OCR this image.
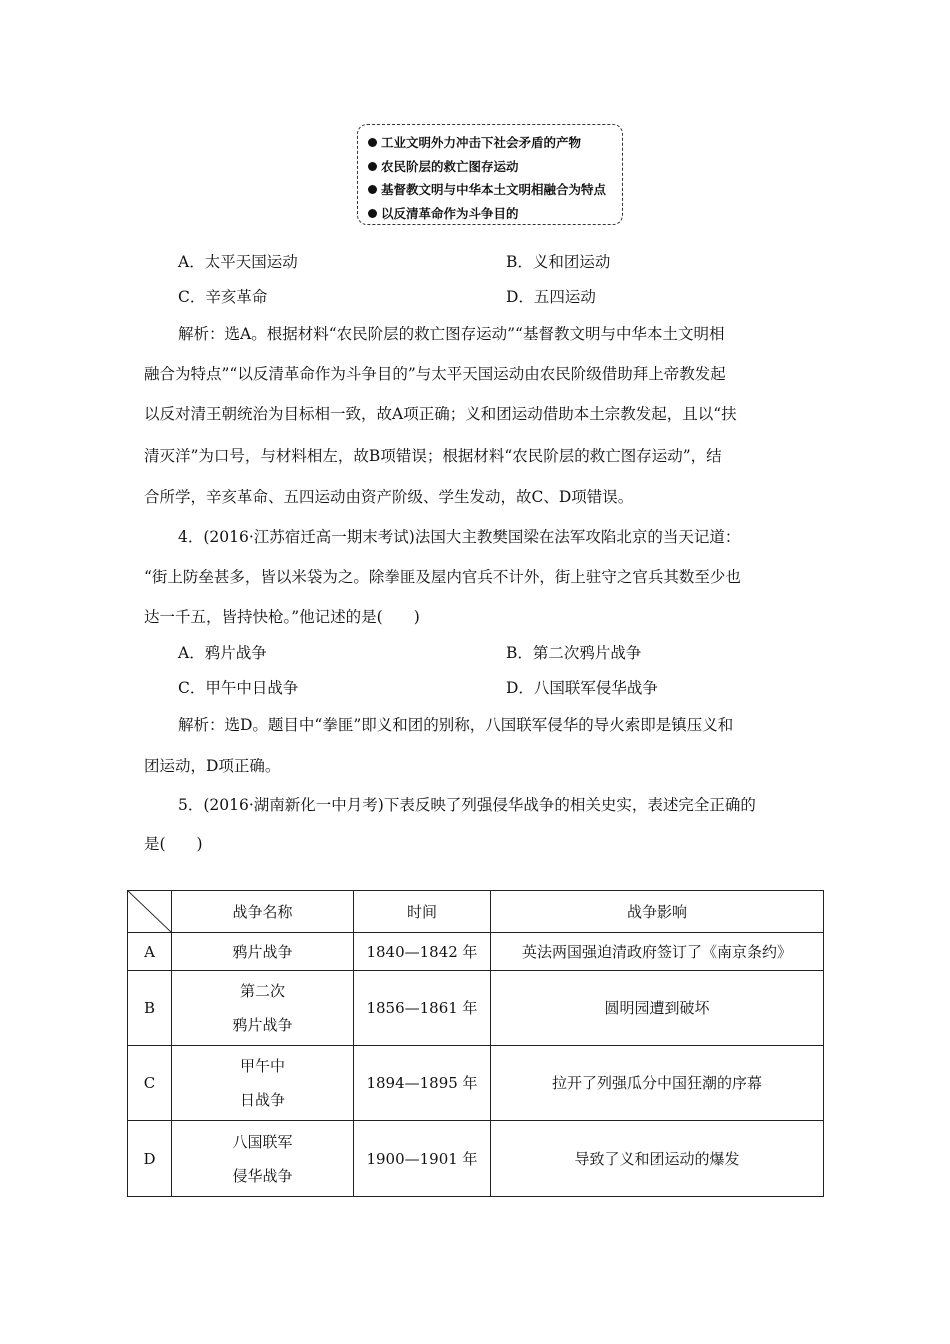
工业文明外力冲击下社会矛盾的产物
农民阶层的救亡图存运动
基督教文明与中华本土文明相融合为特点
以反清革命作为斗争目的
A．太平天国运动	B．义和团运动
C．辛亥革命	D．五四运动
解析：选A。根据材料“农民阶层的救亡图存运动”“基督教文明与中华本土文明相
融合为特点”“以反清革命作为斗争目的”与太平天国运动由农民阶级借助拜上帝教发起
以反对清王朝统治为目标相一致，故A项正确；义和团运动借助本土宗教发起，且以“扶
清灭洋”为口号，与材料相左，故B项错误；根据材料“农民阶层的救亡图存运动”，结
合所学，辛亥革命、五四运动由资产阶级、学生发动，故C、D项错误。
4．(2016·江苏宿迁高一期末考试)法国大主教樊国梁在法军攻陷北京的当天记道：
“街上防垒甚多，皆以米袋为之。除拳匪及屋内官兵不计外，街上驻守之官兵其数至少也
达一千五，皆持快枪。”他记述的是(　　)
A．鸦片战争	B．第二次鸦片战争
C．甲午中日战争	D．八国联军侵华战争
解析：选D。题目中“拳匪”即义和团的别称，八国联军侵华的导火索即是镇压义和
团运动，D项正确。
5．(2016·湖南新化一中月考)下表反映了列强侵华战争的相关史实，表述完全正确的
是(　　)
	战争名称	时间	战争影响
A	鸦片战争	1840—1842 年	英法两国强迫清政府签订了《南京条约》
B	第二次
鸦片战争	1856—1861 年	圆明园遭到破坏
C	甲午中
日战争	1894—1895 年	拉开了列强瓜分中国狂潮的序幕
D	八国联军
侵华战争	1900—1901 年	导致了义和团运动的爆发
